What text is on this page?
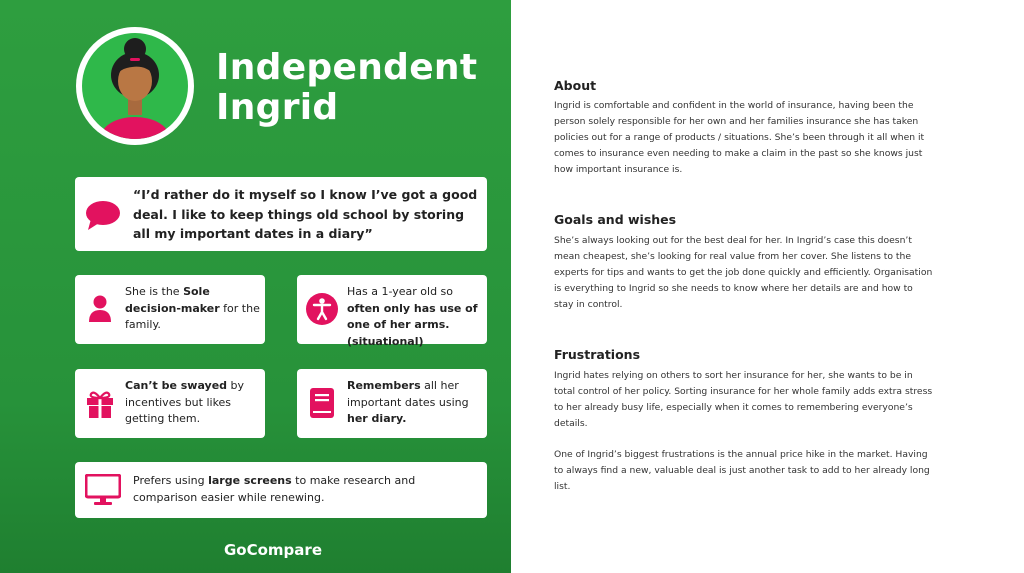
Independent
Ingrid
“I’d rather do it myself so I know I’ve got a good deal. I like to keep things old school by storing all my important dates in a diary”
She is the Sole decision-maker for the family.
Has a 1-year old so often only has use of one of her arms. (situational)
Can’t be swayed by incentives but likes getting them.
Remembers all her important dates using her diary.
Prefers using large screens to make research and comparison easier while renewing.
GoCompare
About
Ingrid is comfortable and confident in the world of insurance, having been the person solely responsible for her own and her families insurance she has taken policies out for a range of products / situations. She’s been through it all when it comes to insurance even needing to make a claim in the past so she knows just how important insurance is.
Goals and wishes
She’s always looking out for the best deal for her. In Ingrid’s case this doesn’t mean cheapest, she’s looking for real value from her cover. She listens to the experts for tips and wants to get the job done quickly and efficiently. Organisation is everything to Ingrid so she needs to know where her details are and how to stay in control.
Frustrations
Ingrid hates relying on others to sort her insurance for her, she wants to be in total control of her policy. Sorting insurance for her whole family adds extra stress to her already busy life, especially when it comes to remembering everyone’s details.
One of Ingrid’s biggest frustrations is the annual price hike in the market. Having to always find a new, valuable deal is just another task to add to her already long list.
